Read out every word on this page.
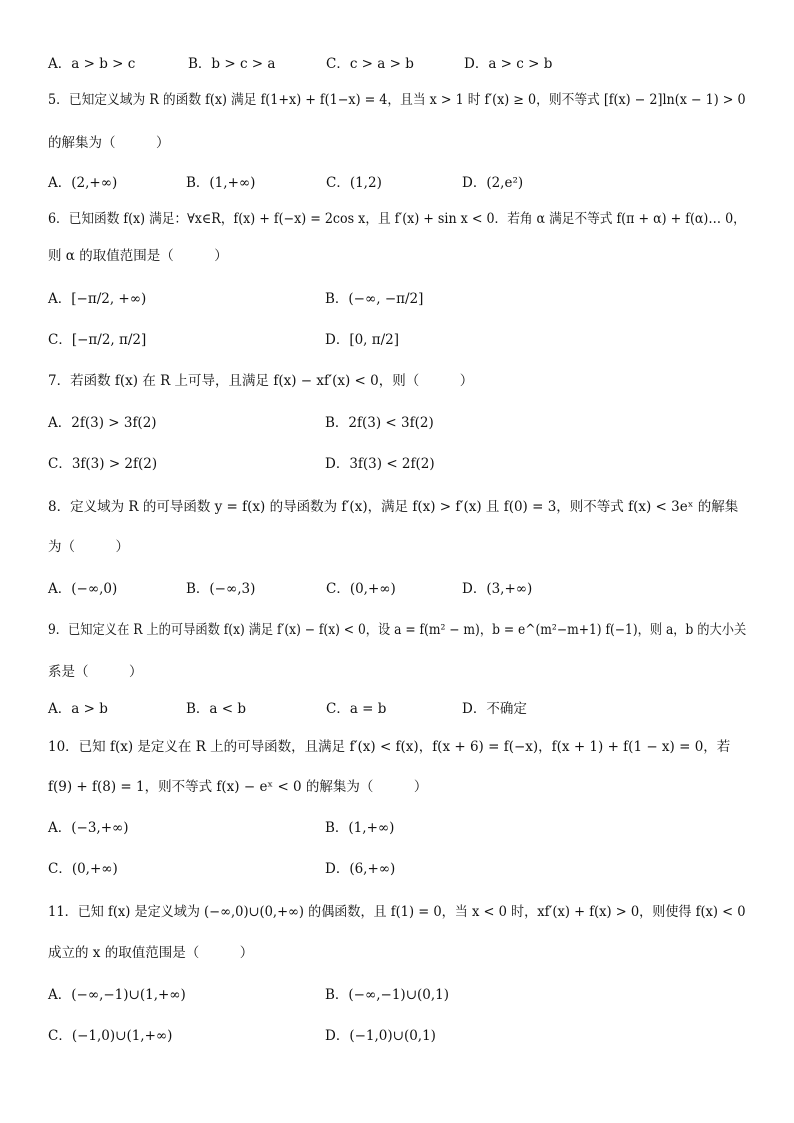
A．a > b > c	B．b > c > a	C．c > a > b	D．a > c > b
5．已知定义域为 R 的函数 f(x) 满足 f(1+x) + f(1−x) = 4，且当 x > 1 时 f′(x) ≥ 0，则不等式 [f(x) − 2]ln(x − 1) > 0
的解集为（　　　）
A．(2,+∞)	B．(1,+∞)	C．(1,2)	D．(2,e²)
6．已知函数 f(x) 满足：∀x∈R，f(x) + f(−x) = 2cos x，且 f′(x) + sin x < 0．若角 α 满足不等式 f(π + α) + f(α)… 0，
则 α 的取值范围是（　　　）
A．[−π/2, +∞)	B．(−∞, −π/2]
C．[−π/2, π/2]	D．[0, π/2]
7．若函数 f(x) 在 R 上可导，且满足 f(x) − xf′(x) < 0，则（　　　）
A．2f(3) > 3f(2)	B．2f(3) < 3f(2)
C．3f(3) > 2f(2)	D．3f(3) < 2f(2)
8．定义域为 R 的可导函数 y = f(x) 的导函数为 f′(x)，满足 f(x) > f′(x) 且 f(0) = 3，则不等式 f(x) < 3eˣ 的解集
为（　　　）
A．(−∞,0)	B．(−∞,3)	C．(0,+∞)	D．(3,+∞)
9．已知定义在 R 上的可导函数 f(x) 满足 f′(x) − f(x) < 0，设 a = f(m² − m)，b = e^(m²−m+1) f(−1)，则 a，b 的大小关
系是（　　　）
A．a > b	B．a < b	C．a = b	D．不确定
10．已知 f(x) 是定义在 R 上的可导函数，且满足 f′(x) < f(x)，f(x + 6) = f(−x)，f(x + 1) + f(1 − x) = 0，若
f(9) + f(8) = 1，则不等式 f(x) − eˣ < 0 的解集为（　　　）
A．(−3,+∞)	B．(1,+∞)
C．(0,+∞)	D．(6,+∞)
11．已知 f(x) 是定义域为 (−∞,0)∪(0,+∞) 的偶函数，且 f(1) = 0，当 x < 0 时，xf′(x) + f(x) > 0，则使得 f(x) < 0
成立的 x 的取值范围是（　　　）
A．(−∞,−1)∪(1,+∞)	B．(−∞,−1)∪(0,1)
C．(−1,0)∪(1,+∞)	D．(−1,0)∪(0,1)
